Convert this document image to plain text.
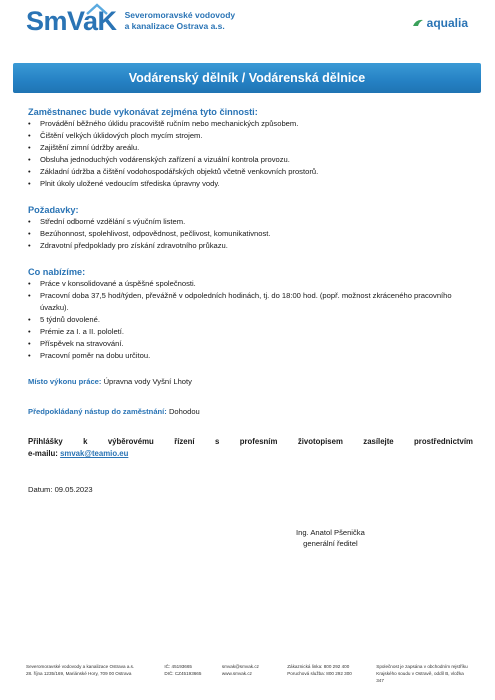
SmVaK Severomoravské vodovody
a kanalizace Ostrava a.s.	aqualia
Vodárenský dělník / Vodárenská dělnice
Zaměstnanec bude vykonávat zejména tyto činnosti:
• Provádění běžného úklidu pracoviště ručním nebo mechanických způsobem.
• Čištění velkých úklidových ploch mycím strojem.
• Zajištění zimní údržby areálu.
• Obsluha jednoduchých vodárenských zařízení a vizuální kontrola provozu.
• Základní údržba a čištění vodohospodářských objektů včetně venkovních prostorů.
• Plnit úkoly uložené vedoucím střediska úpravny vody.
Požadavky:
• Střední odborné vzdělání s výučním listem.
• Bezúhonnost, spolehlivost, odpovědnost, pečlivost, komunikativnost.
• Zdravotní předpoklady pro získání zdravotního průkazu.
Co nabízíme:
• Práce v konsolidované a úspěšné společnosti.
• Pracovní doba 37,5 hod/týden, převážně v odpoledních hodinách, tj. do 18:00 hod. (popř. možnost zkráceného pracovního úvazku).
• 5 týdnů dovolené.
• Prémie za I. a II. pololetí.
• Příspěvek na stravování.
• Pracovní poměr na dobu určitou.
Místo výkonu práce: Úpravna vody Vyšní Lhoty
Předpokládaný nástup do zaměstnání: Dohodou
Přihlášky	k	výběrovému	řízení	s	profesním	životopisem	zasílejte	prostřednictvím
e-mailu: smvak@teamio.eu
Datum: 09.05.2023
Ing. Anatol Pšenička
generální ředitel
Severomoravské vodovody a kanalizace Ostrava a.s.
28. října 1235/169, Mariánské Hory, 709 00 Ostrava
IČ: 45193665
DIČ: CZ45193665
smvak@smvak.cz
www.smvak.cz
Zákaznická linka: 800 292 400
Poruchová služba: 800 292 300
Společnost je zapsána v obchodním rejstříku
Krajského soudu v Ostravě, oddíl B, vložka 347
